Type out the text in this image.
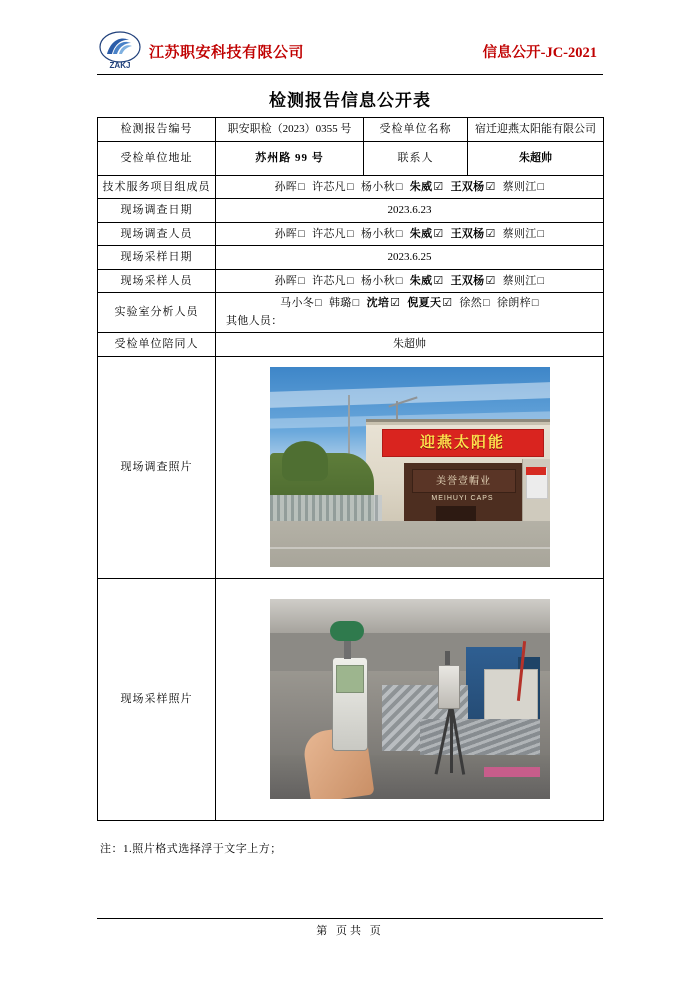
ZAKJ
江苏职安科技有限公司	信息公开-JC-2021
检测报告信息公开表
检测报告编号	职安职检（2023）0355 号	受检单位名称	宿迁迎燕太阳能有限公司
受检单位地址	苏州路 99 号	联系人	朱超帅
技术服务项目组成员	孙晖□ 许芯凡□ 杨小秋□ 朱威☑ 王双杨☑ 蔡则江□		
现场调查日期	2023.6.23		
现场调查人员	孙晖□ 许芯凡□ 杨小秋□ 朱威☑ 王双杨☑ 蔡则江□		
现场采样日期	2023.6.25		
现场采样人员	孙晖□ 许芯凡□ 杨小秋□ 朱威☑ 王双杨☑ 蔡则江□		
实验室分析人员	马小冬□ 韩璐□ 沈培☑ 倪夏天☑ 徐然□ 徐朗梓□
其他人员：		

受检单位陪同人	朱超帅		
现场调查照片	迎燕太阳能
美誉壹帽业
MEIHUYI CAPS		

现场采样照片			
注：1.照片格式选择浮于文字上方；
第 页共 页
